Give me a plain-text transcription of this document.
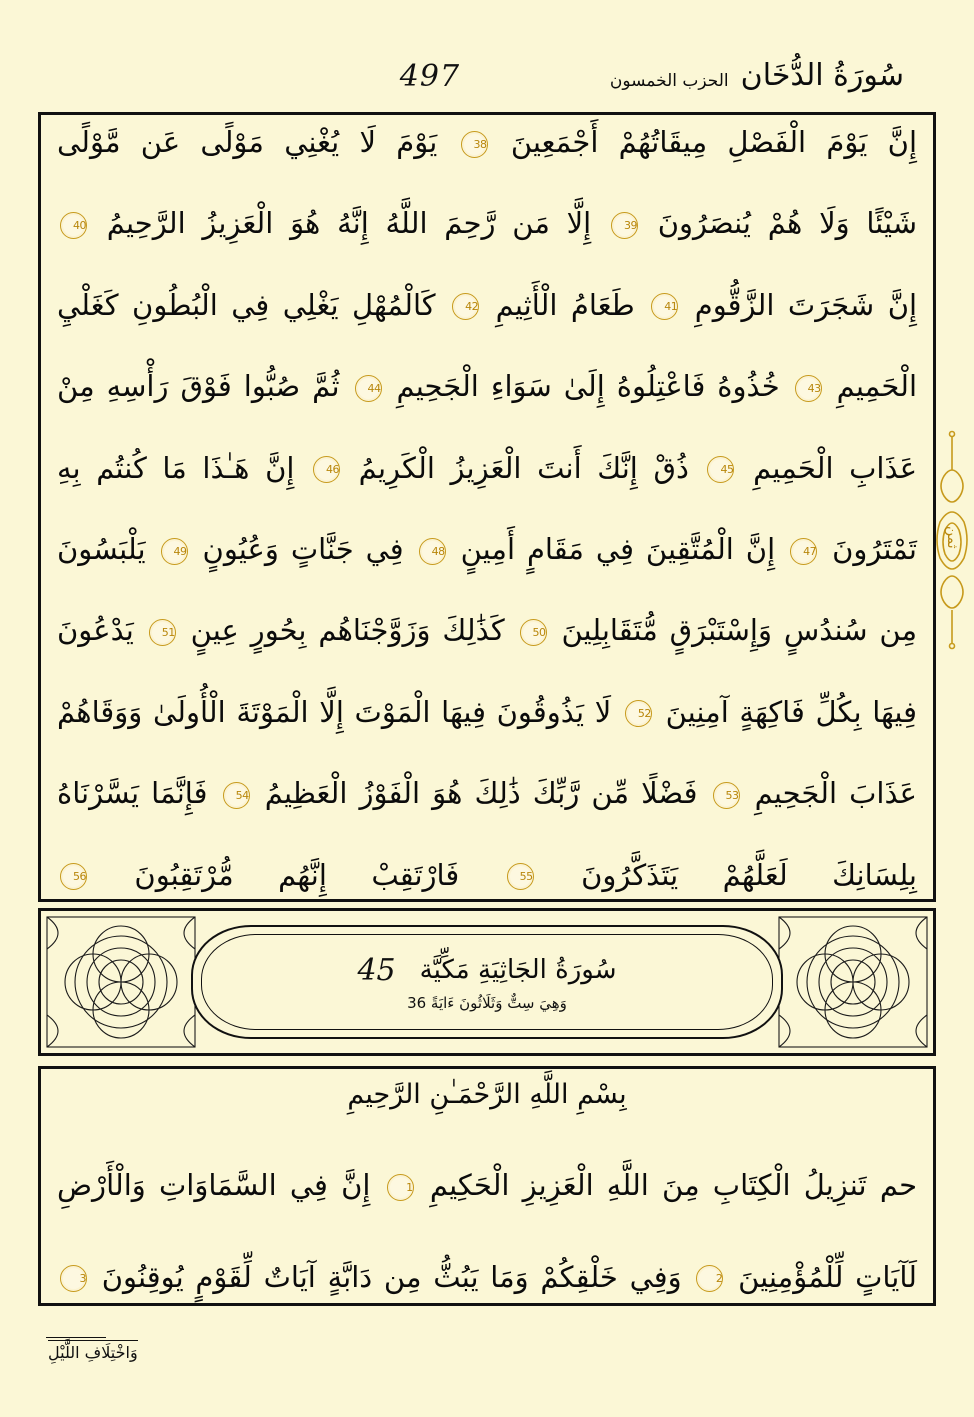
سُورَةُ الدُّخَان
الحزب الخمسون
497
إِنَّ يَوْمَ الْفَصْلِ مِيقَاتُهُمْ أَجْمَعِينَ 38 يَوْمَ لَا يُغْنِي مَوْلًى عَن مَّوْلًى
شَيْئًا وَلَا هُمْ يُنصَرُونَ 39 إِلَّا مَن رَّحِمَ اللَّهُ إِنَّهُ هُوَ الْعَزِيزُ الرَّحِيمُ 40
إِنَّ شَجَرَتَ الزَّقُّومِ 41 طَعَامُ الْأَثِيمِ 42 كَالْمُهْلِ يَغْلِي فِي الْبُطُونِ كَغَلْيِ
الْحَمِيمِ 43 خُذُوهُ فَاعْتِلُوهُ إِلَىٰ سَوَاءِ الْجَحِيمِ 44 ثُمَّ صُبُّوا فَوْقَ رَأْسِهِ مِنْ
عَذَابِ الْحَمِيمِ 45 ذُقْ إِنَّكَ أَنتَ الْعَزِيزُ الْكَرِيمُ 46 إِنَّ هَـٰذَا مَا كُنتُم بِهِ
تَمْتَرُونَ 47 إِنَّ الْمُتَّقِينَ فِي مَقَامٍ أَمِينٍ 48 فِي جَنَّاتٍ وَعُيُونٍ 49 يَلْبَسُونَ
مِن سُندُسٍ وَإِسْتَبْرَقٍ مُّتَقَابِلِينَ 50 كَذَٰلِكَ وَزَوَّجْنَاهُم بِحُورٍ عِينٍ 51 يَدْعُونَ
فِيهَا بِكُلِّ فَاكِهَةٍ آمِنِينَ 52 لَا يَذُوقُونَ فِيهَا الْمَوْتَ إِلَّا الْمَوْتَةَ الْأُولَىٰ وَوَقَاهُمْ
عَذَابَ الْجَحِيمِ 53 فَضْلًا مِّن رَّبِّكَ ذَٰلِكَ هُوَ الْفَوْزُ الْعَظِيمُ 54 فَإِنَّمَا يَسَّرْنَاهُ
بِلِسَانِكَ لَعَلَّهُمْ يَتَذَكَّرُونَ 55 فَارْتَقِبْ إِنَّهُم مُّرْتَقِبُونَ 56
ثمن
سُورَةُ الجَاثِيَةِ مَكِّيَّة
45
وَهِيَ سِتٌّ وَثَلَاثُونَ ءَايَةً 36
بِسْمِ اللَّهِ الرَّحْمَـٰنِ الرَّحِيمِ
حم تَنزِيلُ الْكِتَابِ مِنَ اللَّهِ الْعَزِيزِ الْحَكِيمِ 1 إِنَّ فِي السَّمَاوَاتِ وَالْأَرْضِ
لَآيَاتٍ لِّلْمُؤْمِنِينَ 2 وَفِي خَلْقِكُمْ وَمَا يَبُثُّ مِن دَابَّةٍ آيَاتٌ لِّقَوْمٍ يُوقِنُونَ 3
وَاخْتِلَافِ اللَّيْلِ
